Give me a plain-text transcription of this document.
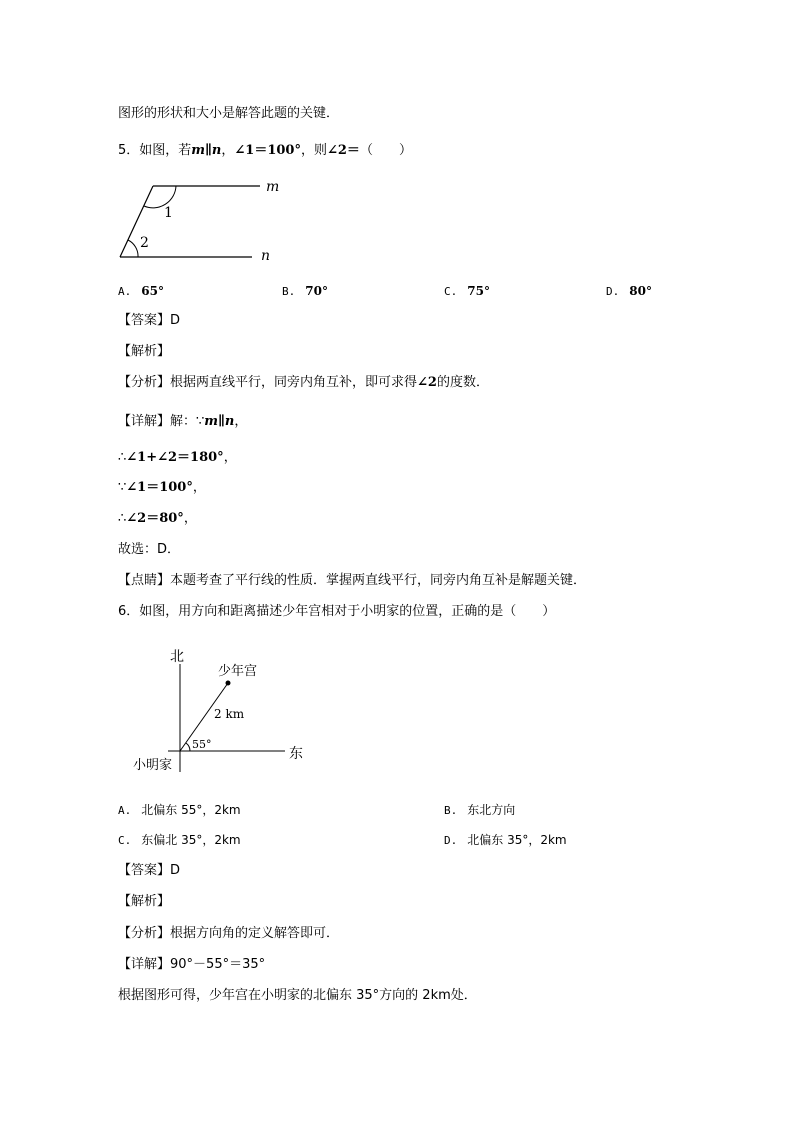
图形的形状和大小是解答此题的关键．
5．如图，若m∥n，∠1＝100°，则∠2＝（　　）
m
n
1
2
A. 65°	B. 70°	C. 75°	D. 80°
【答案】D
【解析】
【分析】根据两直线平行，同旁内角互补，即可求得∠2的度数．
【详解】解：∵m∥n，
∴∠1+∠2＝180°，
∵∠1＝100°，
∴∠2＝80°，
故选：D．
【点睛】本题考查了平行线的性质．掌握两直线平行，同旁内角互补是解题关键．
6．如图，用方向和距离描述少年宫相对于小明家的位置，正确的是（　　）
北
东
小明家
少年宫
2 km
55°
A. 北偏东 55°，2km	B. 东北方向
C. 东偏北 35°，2km	D. 北偏东 35°，2km
【答案】D
【解析】
【分析】根据方向角的定义解答即可．
【详解】90°－55°＝35°
根据图形可得，少年宫在小明家的北偏东 35°方向的 2km处．
